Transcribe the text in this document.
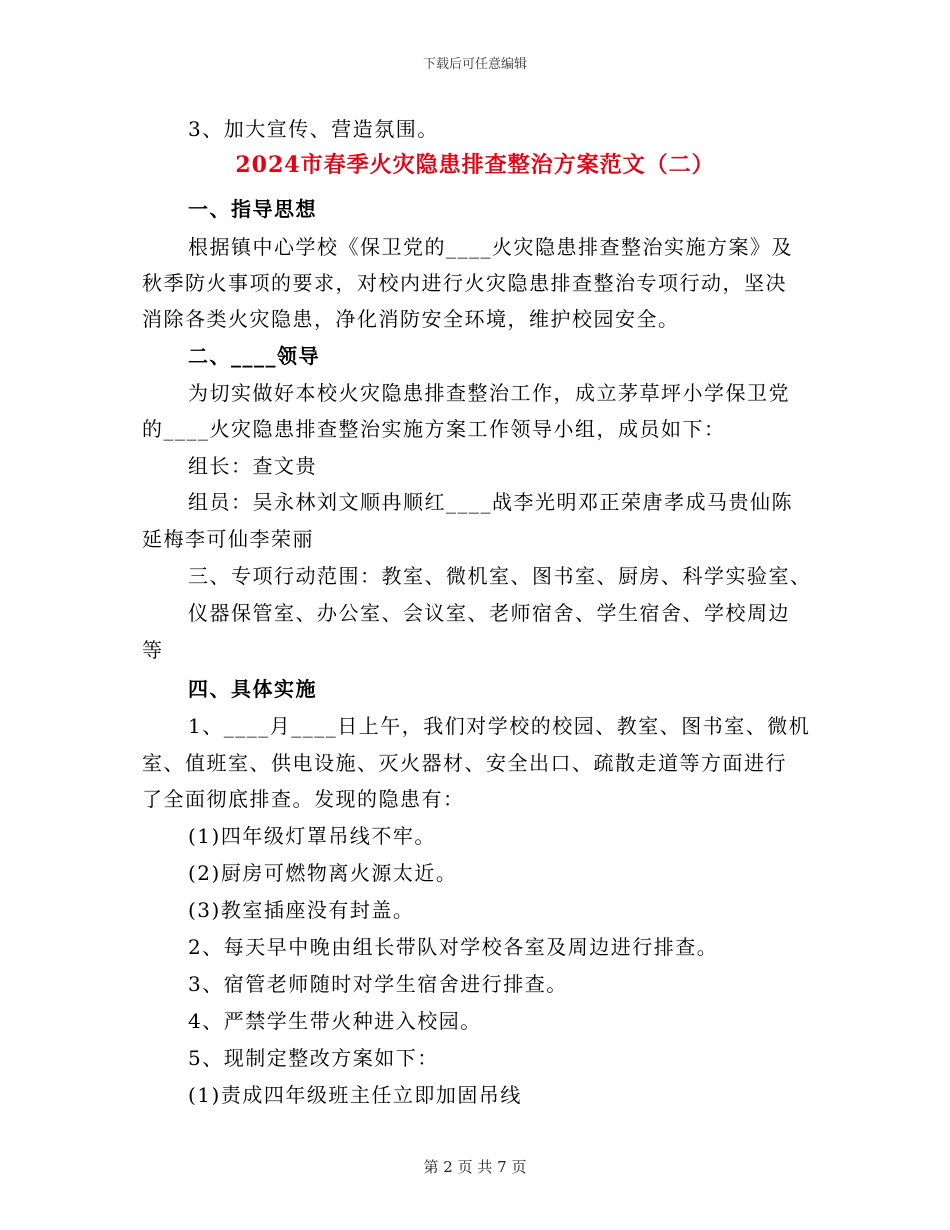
下载后可任意编辑
3、加大宣传、营造氛围。
2024市春季火灾隐患排查整治方案范文（二）
一、指导思想
根据镇中心学校《保卫党的____火灾隐患排查整治实施方案》及
秋季防火事项的要求，对校内进行火灾隐患排查整治专项行动，坚决
消除各类火灾隐患，净化消防安全环境，维护校园安全。
二、____领导
为切实做好本校火灾隐患排查整治工作，成立茅草坪小学保卫党
的____火灾隐患排查整治实施方案工作领导小组，成员如下：
组长：查文贵
组员：吴永林刘文顺冉顺红____战李光明邓正荣唐孝成马贵仙陈
延梅李可仙李荣丽
三、专项行动范围：教室、微机室、图书室、厨房、科学实验室、
仪器保管室、办公室、会议室、老师宿舍、学生宿舍、学校周边
等
四、具体实施
1、____月____日上午，我们对学校的校园、教室、图书室、微机
室、值班室、供电设施、灭火器材、安全出口、疏散走道等方面进行
了全面彻底排查。发现的隐患有：
(1)四年级灯罩吊线不牢。
(2)厨房可燃物离火源太近。
(3)教室插座没有封盖。
2、每天早中晚由组长带队对学校各室及周边进行排查。
3、宿管老师随时对学生宿舍进行排查。
4、严禁学生带火种进入校园。
5、现制定整改方案如下：
(1)责成四年级班主任立即加固吊线
第 2 页 共 7 页
